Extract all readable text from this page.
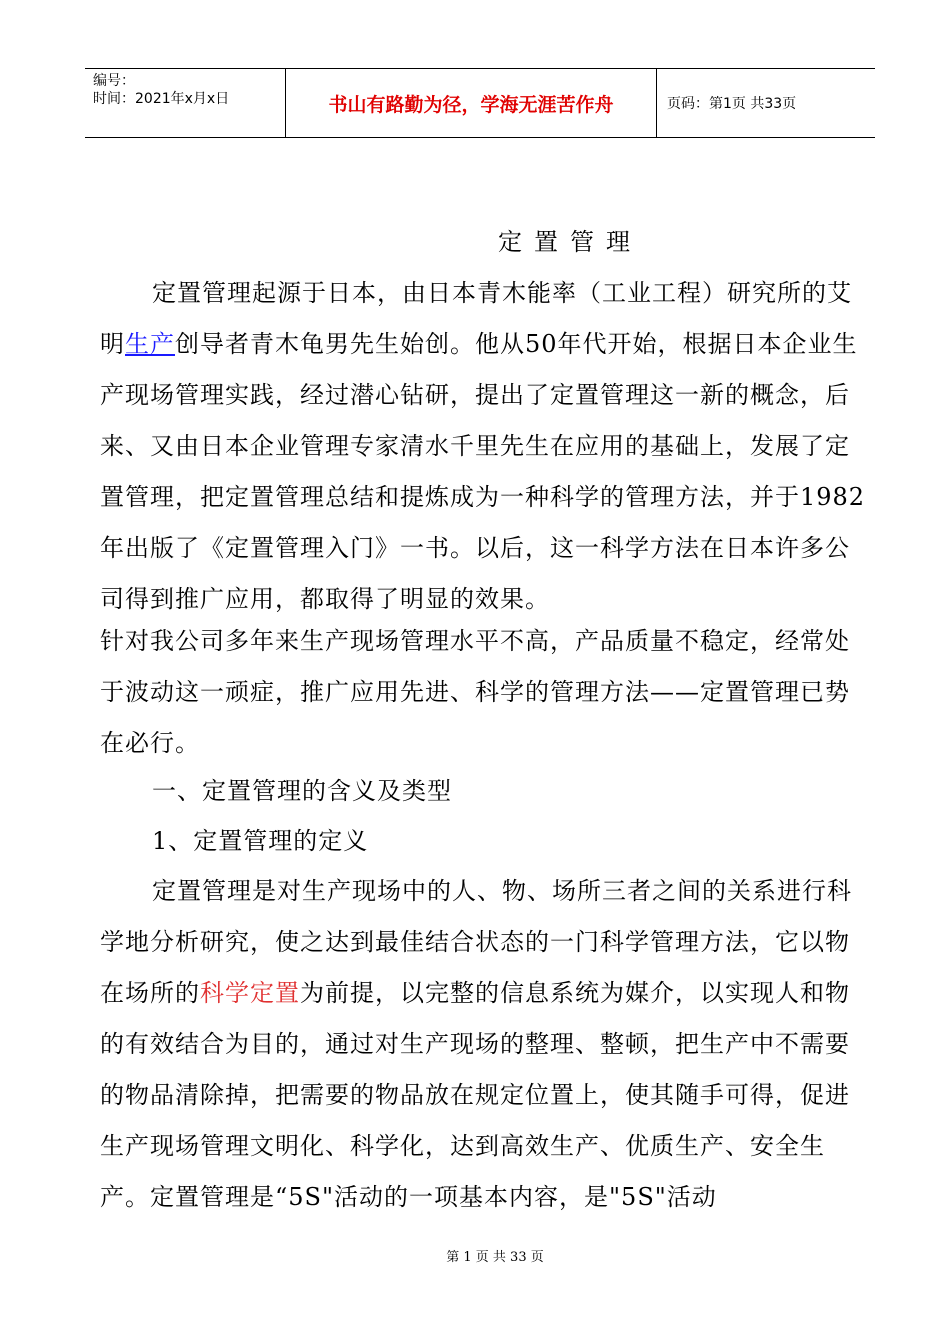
编号：
时间：2021年x月x日	书山有路勤为径，学海无涯苦作舟	页码：第1页 共33页
定置管理
定置管理起源于日本，由日本青木能率（工业工程）研究所的艾明生产创导者青木龟男先生始创。他从50年代开始，根据日本企业生产现场管理实践，经过潜心钻研，提出了定置管理这一新的概念，后来、又由日本企业管理专家清水千里先生在应用的基础上，发展了定置管理，把定置管理总结和提炼成为一种科学的管理方法，并于1982年出版了《定置管理入门》一书。以后，这一科学方法在日本许多公司得到推广应用，都取得了明显的效果。
针对我公司多年来生产现场管理水平不高，产品质量不稳定，经常处于波动这一顽症，推广应用先进、科学的管理方法——定置管理已势在必行。
一、定置管理的含义及类型
1、定置管理的定义
定置管理是对生产现场中的人、物、场所三者之间的关系进行科学地分析研究，使之达到最佳结合状态的一门科学管理方法，它以物在场所的科学定置为前提，以完整的信息系统为媒介，以实现人和物的有效结合为目的，通过对生产现场的整理、整顿，把生产中不需要的物品清除掉，把需要的物品放在规定位置上，使其随手可得，促进生产现场管理文明化、科学化，达到高效生产、优质生产、安全生产。定置管理是“5S"活动的一项基本内容，是"5S"活动
第 1 页 共 33 页
